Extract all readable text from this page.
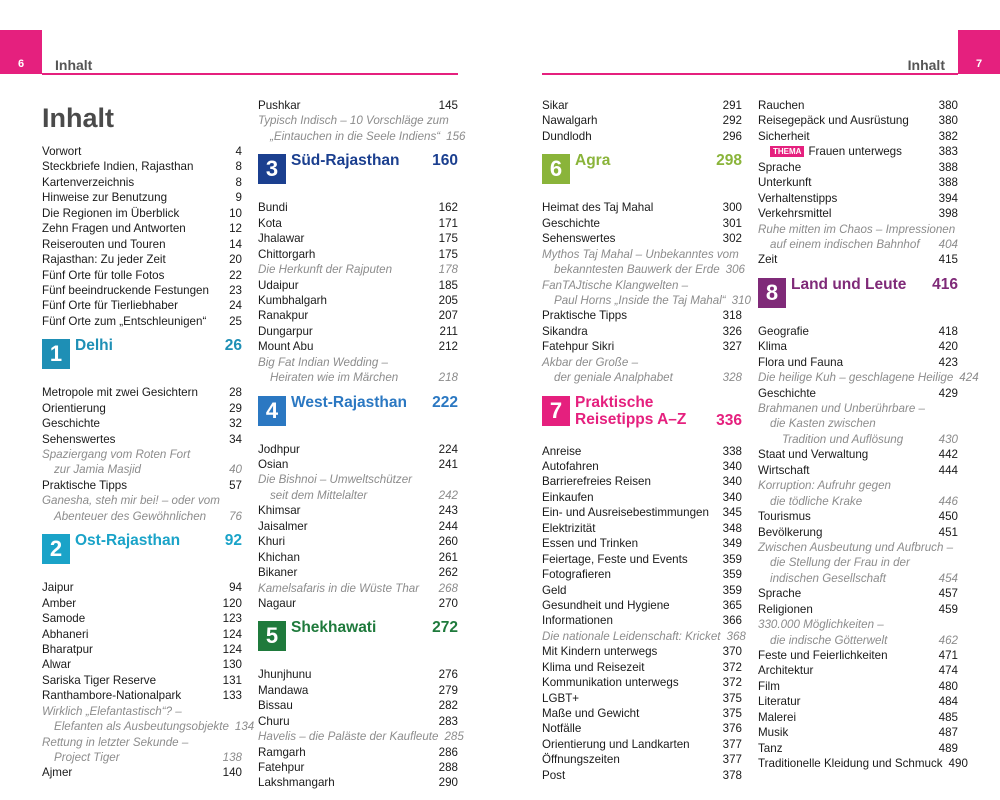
6	7
Inhalt	Inhalt
Inhalt
Vorwort	4
Steckbriefe Indien, Rajasthan	8
Kartenverzeichnis	8
Hinweise zur Benutzung	9
Die Regionen im Überblick	10
Zehn Fragen und Antworten	12
Reiserouten und Touren	14
Rajasthan: Zu jeder Zeit	20
Fünf Orte für tolle Fotos	22
Fünf beeindruckende Festungen	23
Fünf Orte für Tierliebhaber	24
Fünf Orte zum „Entschleunigen“	25
1 Delhi	26
Metropole mit zwei Gesichtern	28
Orientierung	29
Geschichte	32
Sehenswertes	34
Spaziergang vom Roten Fort
zur Jamia Masjid	40
Praktische Tipps	57
Ganesha, steh mir bei! – oder vom
Abenteuer des Gewöhnlichen	76
2 Ost-Rajasthan	92
Jaipur	94
Amber	120
Samode	123
Abhaneri	124
Bharatpur	124
Alwar	130
Sariska Tiger Reserve	131
Ranthambore-Nationalpark	133
Wirklich „Elefantastisch“? –
Elefanten als Ausbeutungsobjekte 134
Rettung in letzter Sekunde –
Project Tiger	138
Ajmer	140
Pushkar	145
Typisch Indisch – 10 Vorschläge zum
„Eintauchen in die Seele Indiens“ 156
3 Süd-Rajasthan 160
Bundi	162
Kota	171
Jhalawar	175
Chittorgarh	175
Die Herkunft der Rajputen	178
Udaipur	185
Kumbhalgarh	205
Ranakpur	207
Dungarpur	211
Mount Abu	212
Big Fat Indian Wedding –
Heiraten wie im Märchen	218
4 West-Rajasthan 222
Jodhpur	224
Osian	241
Die Bishnoi – Umweltschützer
seit dem Mittelalter	242
Khimsar	243
Jaisalmer	244
Khuri	260
Khichan	261
Bikaner	262
Kamelsafaris in die Wüste Thar	268
Nagaur	270
5 Shekhawati	272
Jhunjhunu	276
Mandawa	279
Bissau	282
Churu	283
Havelis – die Paläste der Kaufleute 285
Ramgarh	286
Fatehpur	288
Lakshmangarh	290
Sikar	291
Nawalgarh	292
Dundlodh	296
6 Agra	298
Heimat des Taj Mahal	300
Geschichte	301
Sehenswertes	302
Mythos Taj Mahal – Unbekanntes vom
bekanntesten Bauwerk der Erde 306
FanTAJtische Klangwelten –
Paul Horns „Inside the Taj Mahal“ 310
Praktische Tipps	318
Sikandra	326
Fatehpur Sikri	327
Akbar der Große –
der geniale Analphabet	328
7 Praktische
Reisetipps A–Z 336
Anreise	338
Autofahren	340
Barrierefreies Reisen	340
Einkaufen	340
Ein- und Ausreisebestimmungen	345
Elektrizität	348
Essen und Trinken	349
Feiertage, Feste und Events	359
Fotografieren	359
Geld	359
Gesundheit und Hygiene	365
Informationen	366
Die nationale Leidenschaft: Kricket 368
Mit Kindern unterwegs	370
Klima und Reisezeit	372
Kommunikation unterwegs	372
LGBT+	375
Maße und Gewicht	375
Notfälle	376
Orientierung und Landkarten	377
Öffnungszeiten	377
Post	378
Rauchen	380
Reisegepäck und Ausrüstung	380
Sicherheit	382
THEMA Frauen unterwegs	383
Sprache	388
Unterkunft	388
Verhaltenstipps	394
Verkehrsmittel	398
Ruhe mitten im Chaos – Impressionen
auf einem indischen Bahnhof	404
Zeit	415
8 Land und Leute 416
Geografie	418
Klima	420
Flora und Fauna	423
Die heilige Kuh – geschlagene Heilige 424
Geschichte	429
Brahmanen und Unberührbare –
die Kasten zwischen
Tradition und Auflösung	430
Staat und Verwaltung	442
Wirtschaft	444
Korruption: Aufruhr gegen
die tödliche Krake	446
Tourismus	450
Bevölkerung	451
Zwischen Ausbeutung und Aufbruch –
die Stellung der Frau in der
indischen Gesellschaft	454
Sprache	457
Religionen	459
330.000 Möglichkeiten –
die indische Götterwelt	462
Feste und Feierlichkeiten	471
Architektur	474
Film	480
Literatur	484
Malerei	485
Musik	487
Tanz	489
Traditionelle Kleidung und Schmuck 490
